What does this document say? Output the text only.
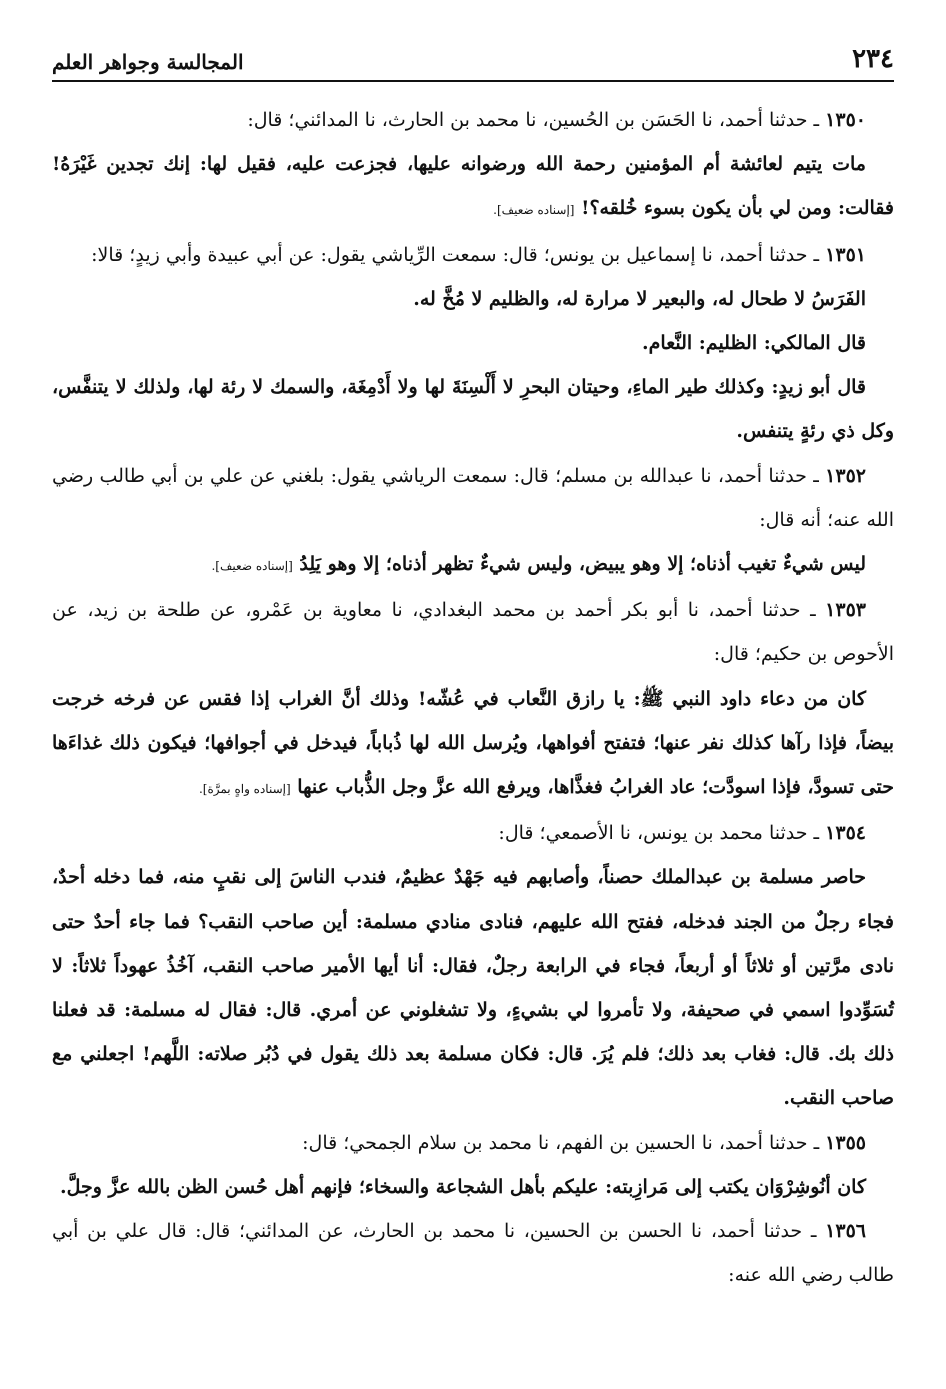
٢٣٤
المجالسة وجواهر العلم

١٣٥٠ ـ حدثنا أحمد، نا الحَسَن بن الحُسين، نا محمد بن الحارث، نا المدائني؛ قال:

مات يتيم لعائشة أم المؤمنين رحمة الله ورضوانه عليها، فجزعت عليه، فقيل لها: إنك تجدين غَيْرَهُ! فقالت: ومن لي بأن يكون بسوء خُلقه؟! [إسناده ضعيف].

١٣٥١ ـ حدثنا أحمد، نا إسماعيل بن يونس؛ قال: سمعت الرِّياشي يقول: عن أبي عبيدة وأبي زيدٍ؛ قالا:

الفَرَسُ لا طحال له، والبعير لا مرارة له، والظليم لا مُخَّ له.

قال المالكي: الظليم: النَّعام.

قال أبو زيدٍ: وكذلك طير الماءِ، وحيتان البحرِ لا أَلْسِنَةَ لها ولا أَدْمِغَة، والسمك لا رئة لها، ولذلك لا يتنفَّس، وكل ذي رئةٍ يتنفس.

١٣٥٢ ـ حدثنا أحمد، نا عبدالله بن مسلم؛ قال: سمعت الرياشي يقول: بلغني عن علي بن أبي طالب رضي الله عنه؛ أنه قال:

ليس شيءٌ تغيب أذناه؛ إلا وهو يبيض، وليس شيءٌ تظهر أذناه؛ إلا وهو يَلِدُ [إسناده ضعيف].

١٣٥٣ ـ حدثنا أحمد، نا أبو بكر أحمد بن محمد البغدادي، نا معاوية بن عَمْرو، عن طلحة بن زيد، عن الأحوص بن حكيم؛ قال:

كان من دعاء داود النبي ﷺ: يا رازق النَّعاب في عُشّه! وذلك أنَّ الغراب إذا فقس عن فرخه خرجت بيضاً، فإذا رآها كذلك نفر عنها؛ فتفتح أفواهها، ويُرسل الله لها ذُباباً، فيدخل في أجوافها؛ فيكون ذلك غذاءَها حتى تسودَّ، فإذا اسودَّت؛ عاد الغرابُ فغذَّاها، ويرفع الله عزَّ وجل الذُّباب عنها [إسناده واهٍ بمرَّة].

١٣٥٤ ـ حدثنا محمد بن يونس، نا الأصمعي؛ قال:

حاصر مسلمة بن عبدالملك حصناً، وأصابهم فيه جَهْدٌ عظيمٌ، فندب الناسَ إلى نقبٍ منه، فما دخله أحدٌ، فجاء رجلٌ من الجند فدخله، ففتح الله عليهم، فنادى منادي مسلمة: أين صاحب النقب؟ فما جاء أحدٌ حتى نادى مرَّتين أو ثلاثاً أو أربعاً، فجاء في الرابعة رجلٌ، فقال: أنا أيها الأمير صاحب النقب، آخُذُ عهوداً ثلاثاً: لا تُسَوِّدوا اسمي في صحيفة، ولا تأمروا لي بشيءٍ، ولا تشغلوني عن أمري. قال: فقال له مسلمة: قد فعلنا ذلك بك. قال: فغاب بعد ذلك؛ فلم يُرَ. قال: فكان مسلمة بعد ذلك يقول في دُبُر صلاته: اللَّهم! اجعلني مع صاحب النقب.

١٣٥٥ ـ حدثنا أحمد، نا الحسين بن الفهم، نا محمد بن سلام الجمحي؛ قال:

كان أنُوشِرْوَان يكتب إلى مَرازِبته: عليكم بأهل الشجاعة والسخاء؛ فإنهم أهل حُسن الظن بالله عزَّ وجلَّ.

١٣٥٦ ـ حدثنا أحمد، نا الحسن بن الحسين، نا محمد بن الحارث، عن المدائني؛ قال: قال علي بن أبي طالب رضي الله عنه:
